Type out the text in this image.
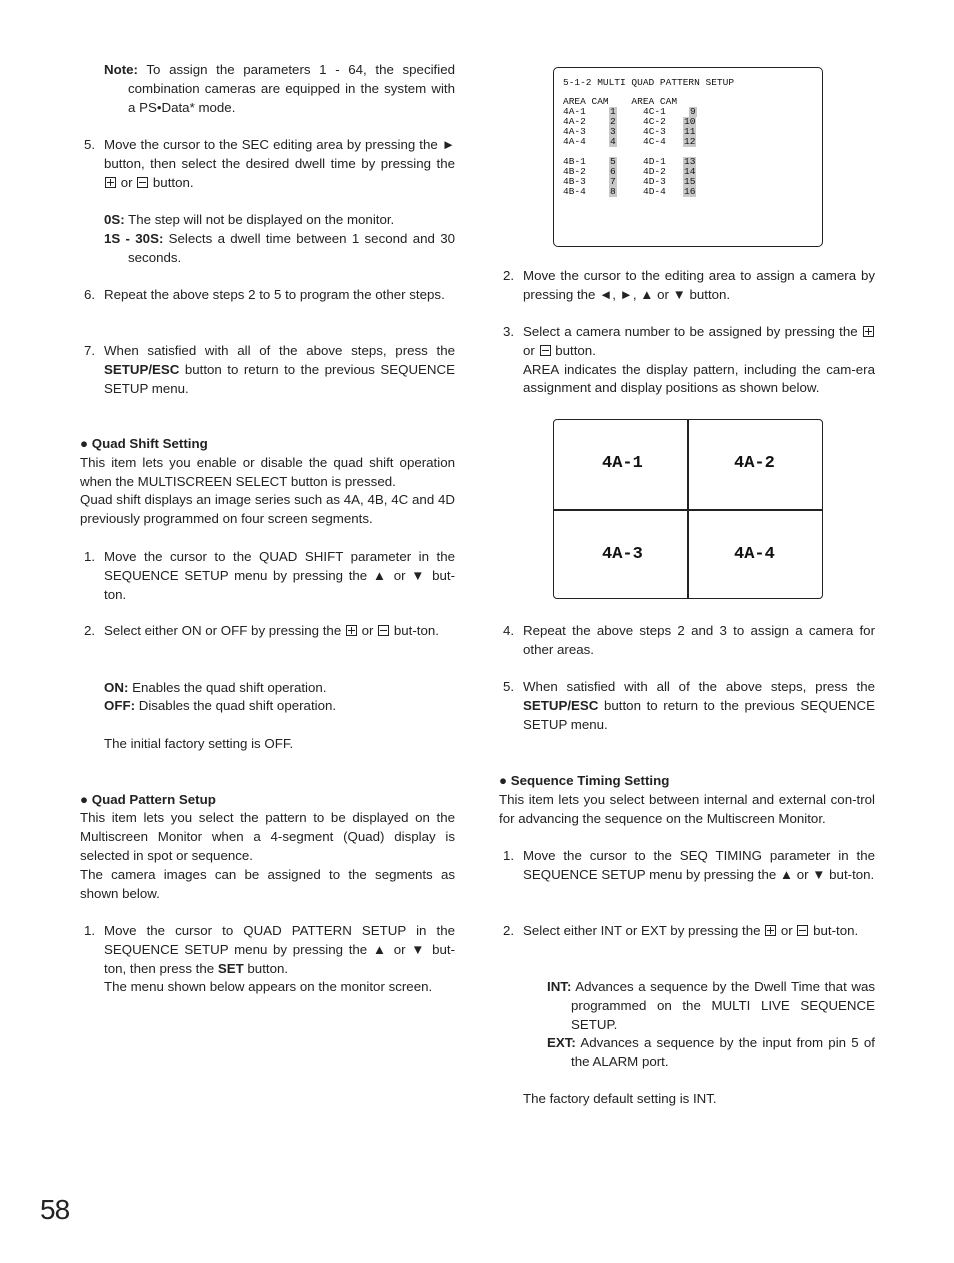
Note: To assign the parameters 1 - 64, the specified combination cameras are equipped in the system with a PS•Data* mode.
5. Move the cursor to the SEC editing area by pressing the ► button, then select the desired dwell time by pressing the
or
button.
0S: The step will not be displayed on the monitor.
1S - 30S: Selects a dwell time between 1 second and 30 seconds.
6. Repeat the above steps 2 to 5 to program the other steps.
7. When satisfied with all of the above steps, press the SETUP/ESC button to return to the previous SEQUENCE SETUP menu.
● Quad Shift Setting
This item lets you enable or disable the quad shift operation when the MULTISCREEN SELECT button is pressed.
Quad shift displays an image series such as 4A, 4B, 4C and 4D previously programmed on four screen segments.
1. Move the cursor to the QUAD SHIFT parameter in the SEQUENCE SETUP menu by pressing the ▲ or ▼ but-ton.
2. Select either ON or OFF by pressing the
or
but-ton.
ON: Enables the quad shift operation.
OFF: Disables the quad shift operation.
The initial factory setting is OFF.
● Quad Pattern Setup
This item lets you select the pattern to be displayed on the Multiscreen Monitor when a 4-segment (Quad) display is selected in spot or sequence.
The camera images can be assigned to the segments as shown below.
1. Move the cursor to QUAD PATTERN SETUP in the SEQUENCE SETUP menu by pressing the ▲ or ▼ but-ton, then press the SET button.
The menu shown below appears on the monitor screen.
5-1-2 MULTI QUAD PATTERN SETUP
AREA CAM    AREA CAM
4A-1	1	4C-1	9
4A-2	2	4C-2 10
4A-3	3	4C-3 11
4A-4	4	4C-4 12
4B-1	5	4D-1 13
4B-2	6	4D-2 14
4B-3	7	4D-3 15
4B-4	8	4D-4 16
4A-1	4A-2
4A-3	4A-4
2. Move the cursor to the editing area to assign a camera by pressing the ◄, ►, ▲ or ▼ button.
3. Select a camera number to be assigned by pressing the
or
button.
AREA indicates the display pattern, including the cam-era assignment and display positions as shown below.
4. Repeat the above steps 2 and 3 to assign a camera for other areas.
5. When satisfied with all of the above steps, press the SETUP/ESC button to return to the previous SEQUENCE SETUP menu.
● Sequence Timing Setting
This item lets you select between internal and external con-trol for advancing the sequence on the Multiscreen Monitor.
1. Move the cursor to the SEQ TIMING parameter in the SEQUENCE SETUP menu by pressing the ▲ or ▼ but-ton.
2. Select either INT or EXT by pressing the
or
but-ton.
INT: Advances a sequence by the Dwell Time that was programmed on the MULTI LIVE SEQUENCE SETUP.
EXT: Advances a sequence by the input from pin 5 of the ALARM port.
The factory default setting is INT.
58
